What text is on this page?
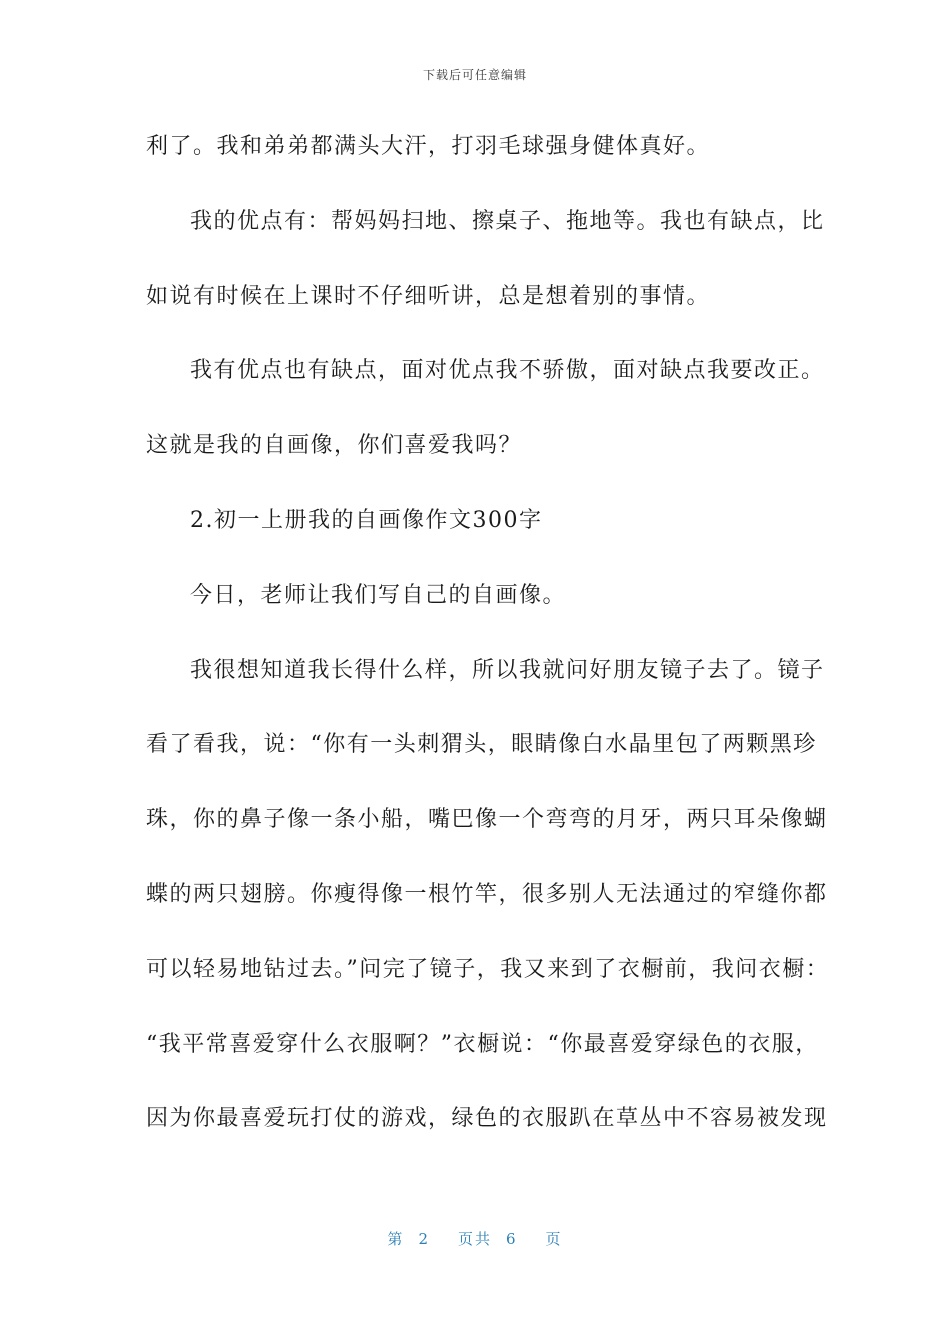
下载后可任意编辑
利了。我和弟弟都满头大汗，打羽毛球强身健体真好。
我的优点有：帮妈妈扫地、擦桌子、拖地等。我也有缺点，比
如说有时候在上课时不仔细听讲，总是想着别的事情。
我有优点也有缺点，面对优点我不骄傲，面对缺点我要改正。
这就是我的自画像，你们喜爱我吗？
2.初一上册我的自画像作文300字
今日，老师让我们写自己的自画像。
我很想知道我长得什么样，所以我就问好朋友镜子去了。镜子
看了看我，说：“你有一头刺猬头，眼睛像白水晶里包了两颗黑珍
珠，你的鼻子像一条小船，嘴巴像一个弯弯的月牙，两只耳朵像蝴
蝶的两只翅膀。你瘦得像一根竹竿，很多别人无法通过的窄缝你都
可以轻易地钻过去。”问完了镜子，我又来到了衣橱前，我问衣橱：
“我平常喜爱穿什么衣服啊？”衣橱说：“你最喜爱穿绿色的衣服，
因为你最喜爱玩打仗的游戏，绿色的衣服趴在草丛中不容易被发现
第 2 页共 6 页
